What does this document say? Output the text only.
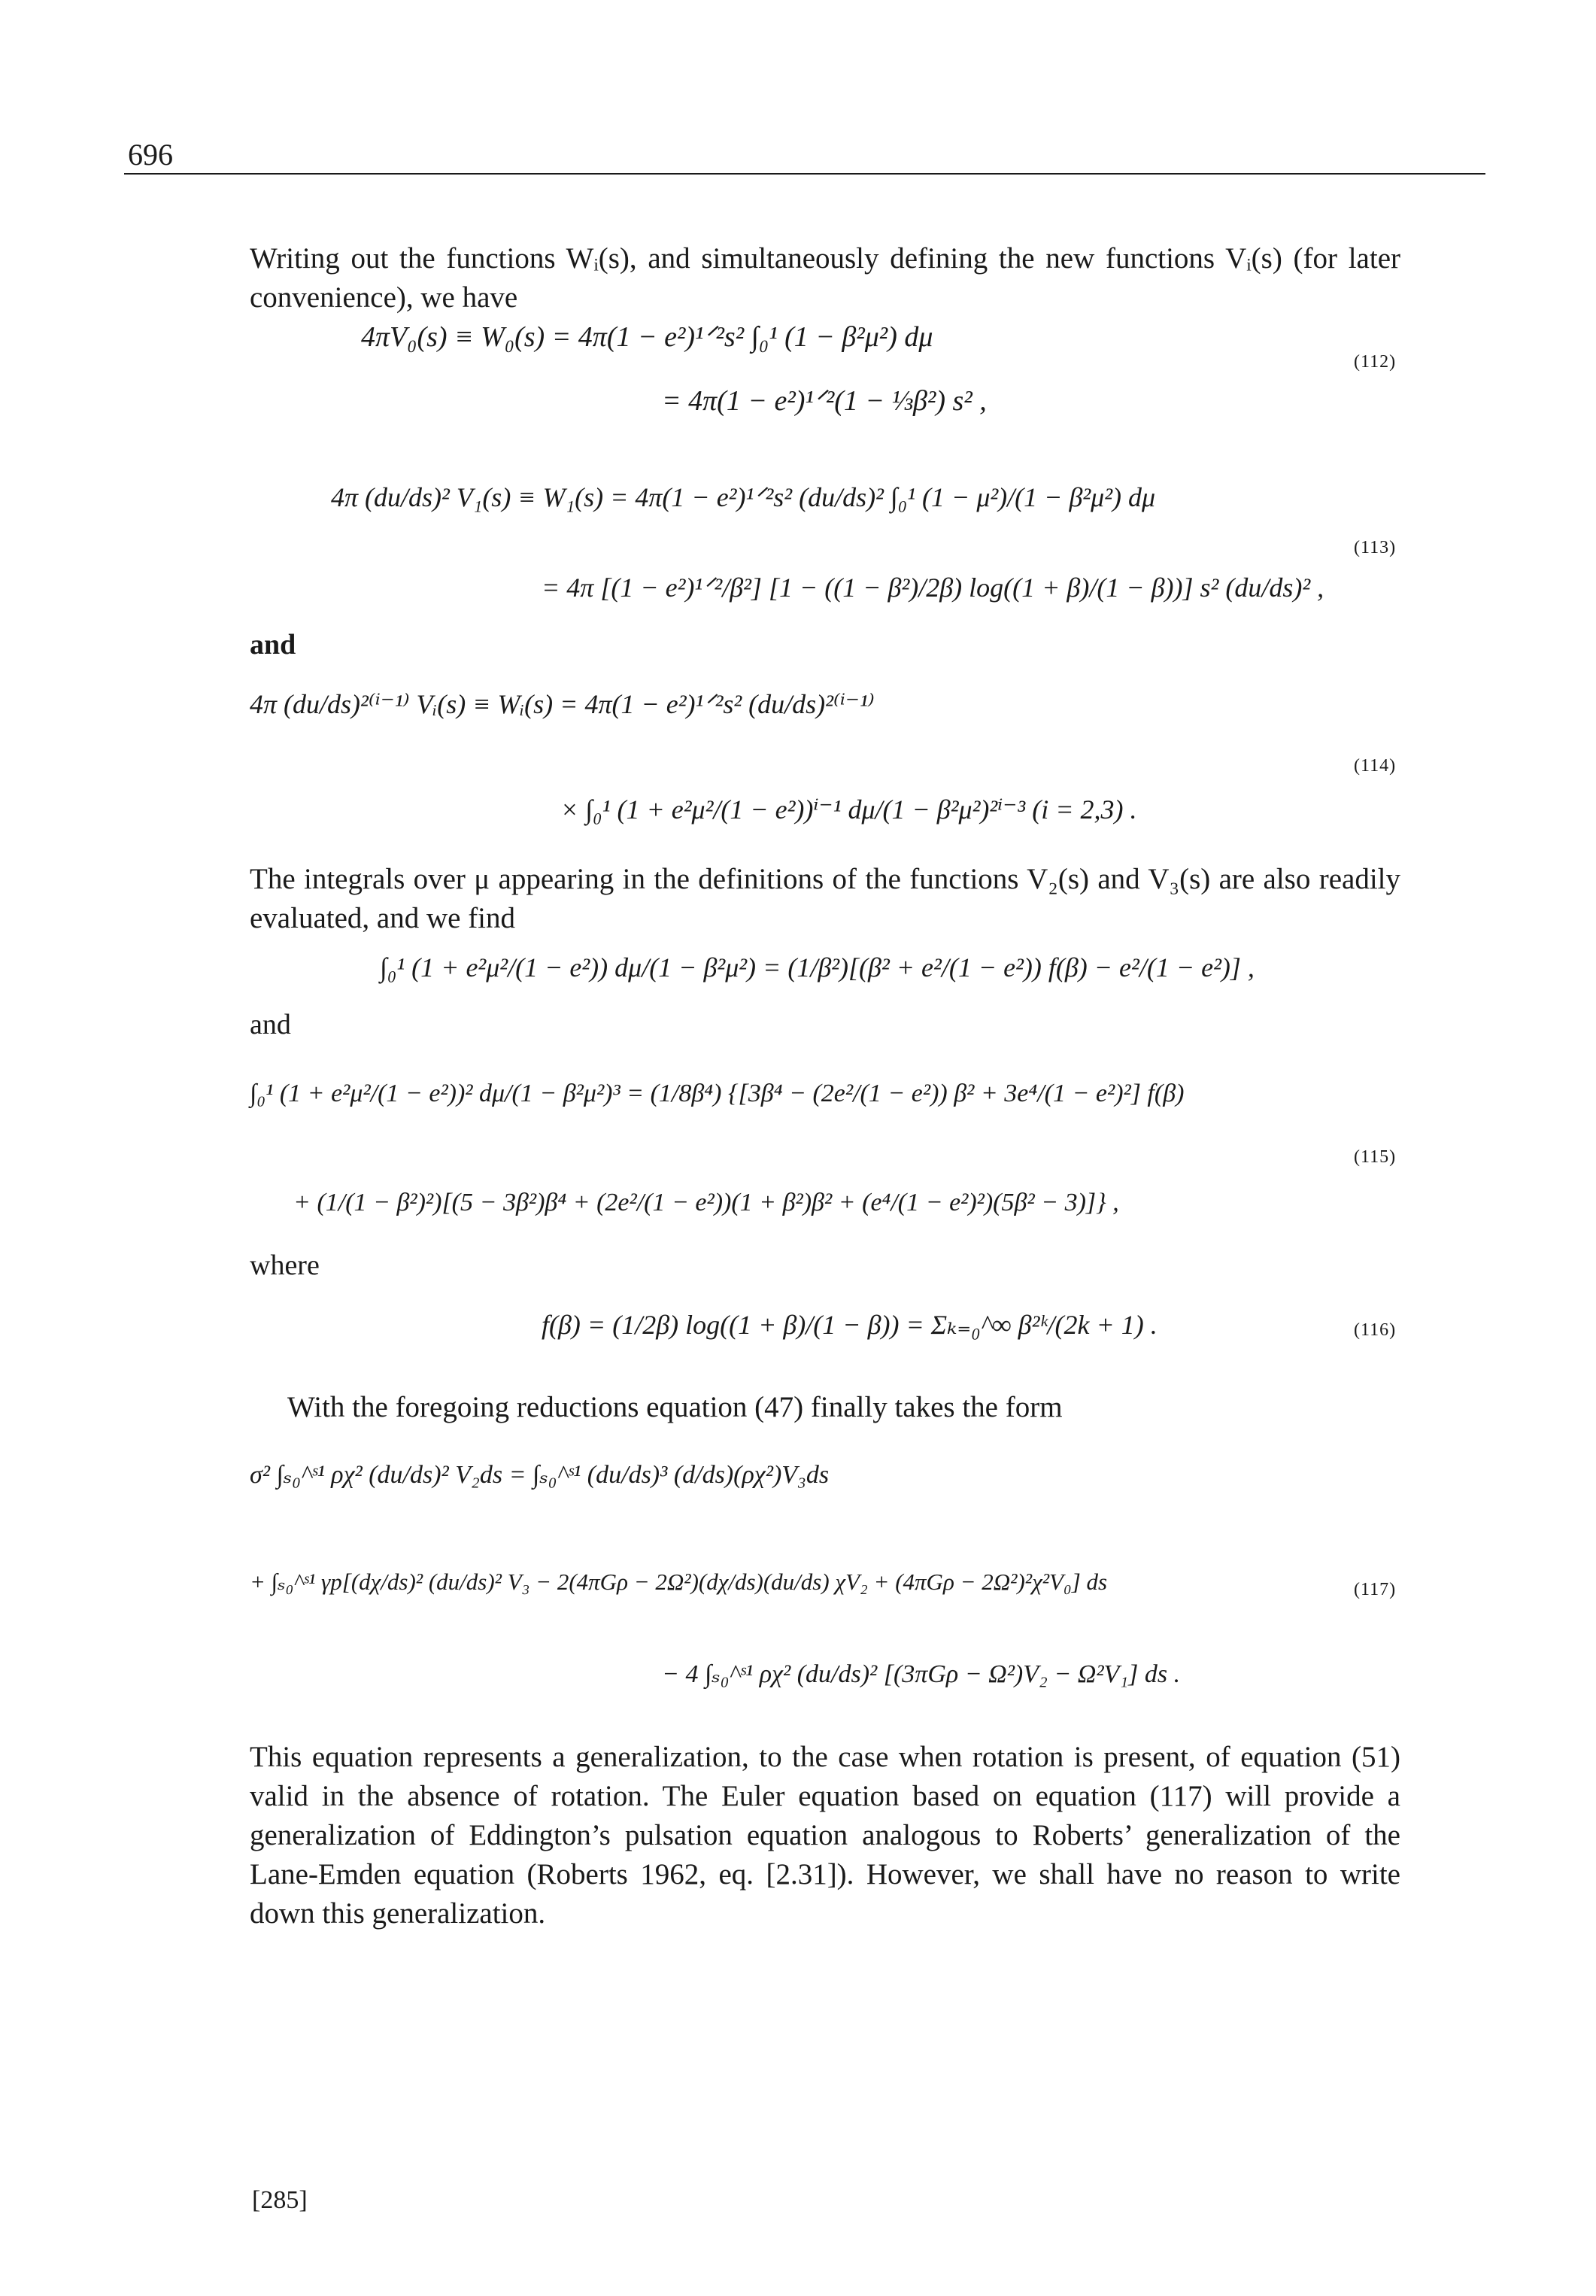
696
Writing out the functions Wᵢ(s), and simultaneously defining the new functions Vᵢ(s) (for later convenience), we have
4πV₀(s) ≡ W₀(s) = 4π(1 − e²)¹ᐟ²s² ∫₀¹ (1 − β²μ²) dμ
= 4π(1 − e²)¹ᐟ²(1 − ⅓β²) s² ,
(112)
4π (du/ds)² V₁(s) ≡ W₁(s) = 4π(1 − e²)¹ᐟ²s² (du/ds)² ∫₀¹ (1 − μ²)/(1 − β²μ²) dμ
= 4π [(1 − e²)¹ᐟ²/β²] [1 − ((1 − β²)/2β) log((1 + β)/(1 − β))] s² (du/ds)² ,
(113)
and
4π (du/ds)²⁽ⁱ⁻¹⁾ Vᵢ(s) ≡ Wᵢ(s) = 4π(1 − e²)¹ᐟ²s² (du/ds)²⁽ⁱ⁻¹⁾
× ∫₀¹ (1 + e²μ²/(1 − e²))ⁱ⁻¹ dμ/(1 − β²μ²)²ⁱ⁻³ (i = 2,3) .
(114)
The integrals over μ appearing in the definitions of the functions V₂(s) and V₃(s) are also readily evaluated, and we find
∫₀¹ (1 + e²μ²/(1 − e²)) dμ/(1 − β²μ²) = (1/β²)[(β² + e²/(1 − e²)) f(β) − e²/(1 − e²)] ,
and
∫₀¹ (1 + e²μ²/(1 − e²))² dμ/(1 − β²μ²)³ = (1/8β⁴) {[3β⁴ − (2e²/(1 − e²)) β² + 3e⁴/(1 − e²)²] f(β)
+ (1/(1 − β²)²)[(5 − 3β²)β⁴ + (2e²/(1 − e²))(1 + β²)β² + (e⁴/(1 − e²)²)(5β² − 3)]} ,
(115)
where
f(β) = (1/2β) log((1 + β)/(1 − β)) = Σₖ₌₀^∞ β²ᵏ/(2k + 1) .	(116)
With the foregoing reductions equation (47) finally takes the form
σ² ∫ₛ₀^ˢ¹ ρχ² (du/ds)² V₂ds = ∫ₛ₀^ˢ¹ (du/ds)³ (d/ds)(ρχ²)V₃ds
+ ∫ₛ₀^ˢ¹ γp[(dχ/ds)² (du/ds)² V₃ − 2(4πGρ − 2Ω²)(dχ/ds)(du/ds) χV₂ + (4πGρ − 2Ω²)²χ²V₀] ds
− 4 ∫ₛ₀^ˢ¹ ρχ² (du/ds)² [(3πGρ − Ω²)V₂ − Ω²V₁] ds .
(117)
This equation represents a generalization, to the case when rotation is present, of equation (51) valid in the absence of rotation. The Euler equation based on equation (117) will provide a generalization of Eddington’s pulsation equation analogous to Roberts’ generalization of the Lane-Emden equation (Roberts 1962, eq. [2.31]). However, we shall have no reason to write down this generalization.
[285]
